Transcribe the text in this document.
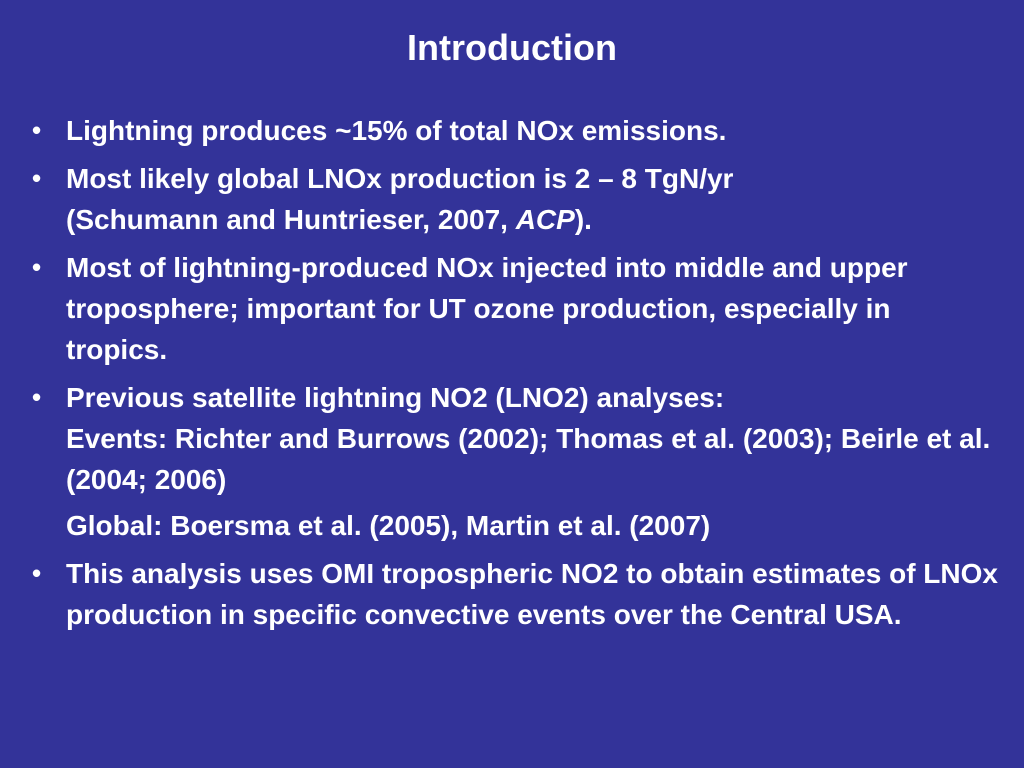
Introduction
• Lightning produces ~15% of total NOx emissions.
• Most likely global LNOx production is 2 – 8 TgN/yr
(Schumann and Huntrieser, 2007, ACP).
• Most of lightning-produced NOx injected into middle and upper troposphere; important for UT ozone production, especially in tropics.
• Previous satellite lightning NO2 (LNO2) analyses:
Events: Richter and Burrows (2002); Thomas et al. (2003); Beirle et al. (2004; 2006)
Global: Boersma et al. (2005), Martin et al. (2007)
• This analysis uses OMI tropospheric NO2 to obtain estimates of LNOx production in specific convective events over the Central USA.
